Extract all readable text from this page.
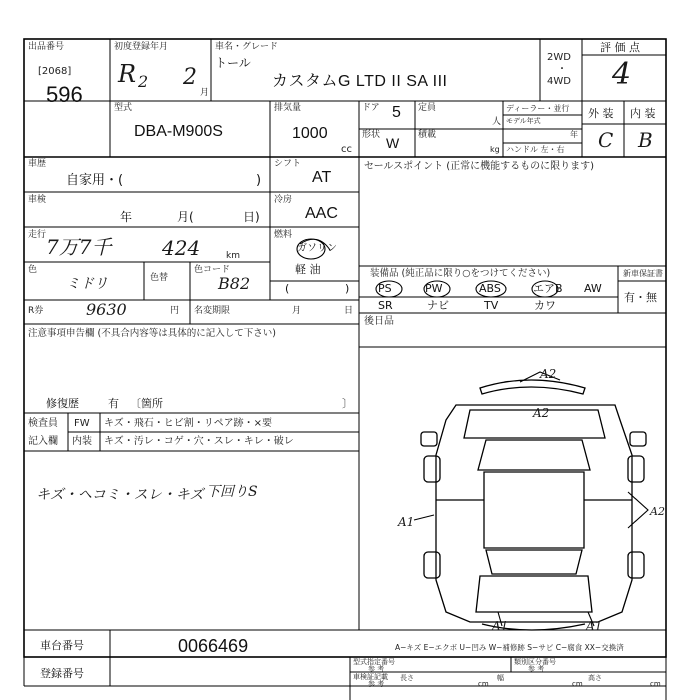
出品番号
[2068]
596
初度登録年月
R 2 2
月
車名・グレード
トール
カスタムG LTD II SA III
2WD
・
4WD
評 価 点
4
型式
DBA-M900S
排気量
1000
cc
ドア 5
形状 W
定員
人
積載
kg
ディーラー・並行
モデル年式
年
ハンドル 左・右
外 装 内 装
C B
車歴
自家用・(	)
シフト
AT
車検
年	月(	日)
冷房
AAC
走行 7万7千	424	km
燃料
ガソリン
軽 油
(	)
色
ミドリ	色替
色コード
B82
R券	9630	円 名変期限	月	日
注意事項申告欄 (不具合内容等は具体的に記入して下さい)
修復歴	有 〔箇所	〕
検査員
記入欄
FW キズ・飛石・ヒビ割・リペア跡・×要
内装 キズ・汚レ・コゲ・穴・スレ・キレ・破レ
キズ・ヘコミ・スレ・キズ 下回りS
セールスポイント (正常に機能するものに限ります)
装備品 (純正品に限り○をつけてください)	新車保証書
有・無
PS	PW	ABS	エアB AW
SR	ナビ	TV	カワ
後日品
A2
A2
A2
A1
A1	A1
車台番号	0066469
登録番号
A−キズ E−エクボ U−凹み W−補修跡 S−サビ C−腐食 XX−交換済
型式指定番号
参 考
類別区分番号
参 考
車検証記載
参 考
長さ
cm
幅
cm
高さ
cm
